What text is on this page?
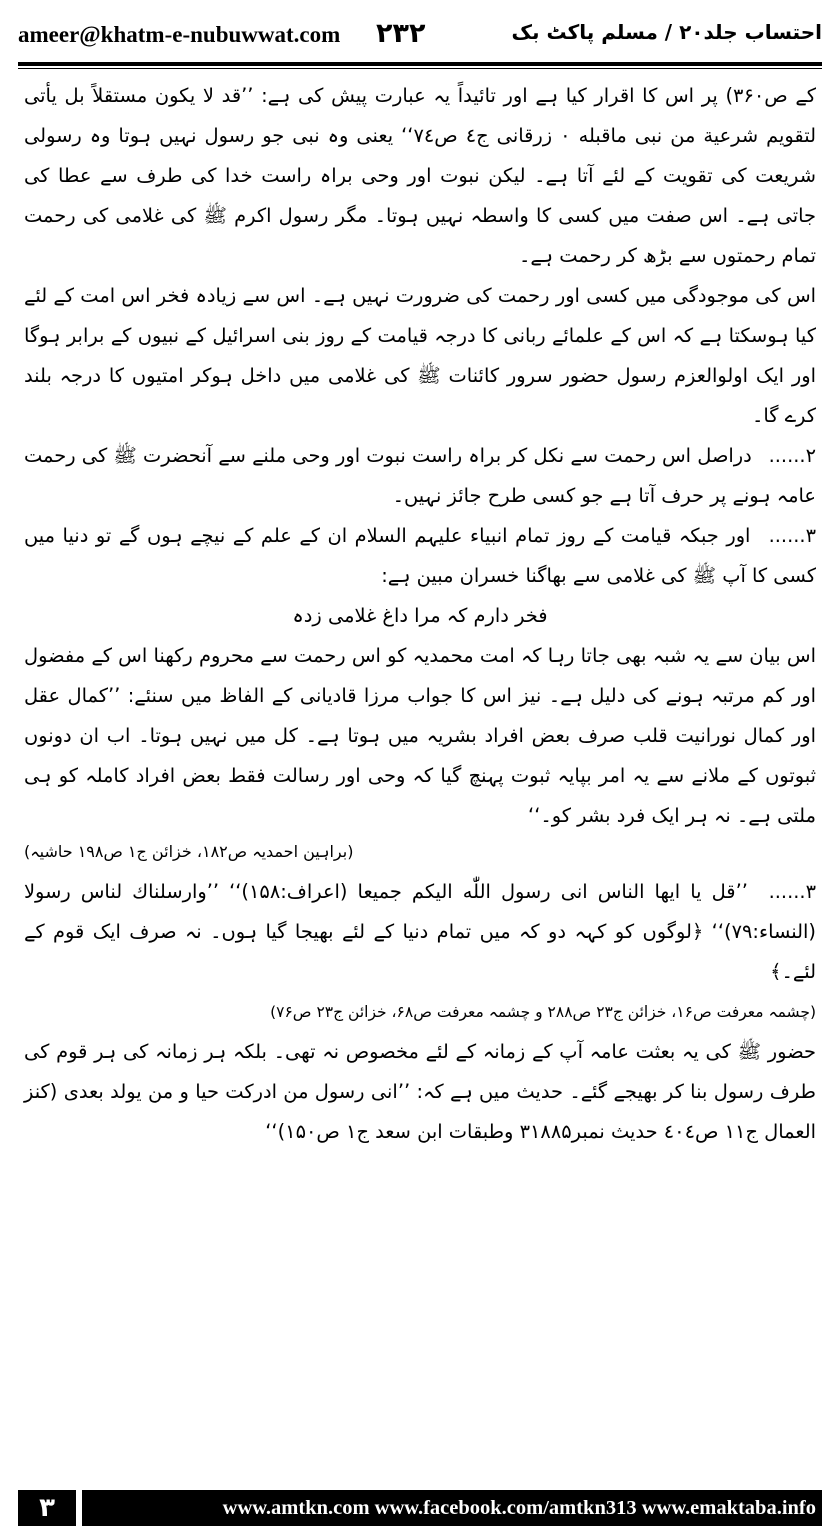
ameer@khatm-e-nubuwwat.com ۲۳۲	احتساب جلد۲۰ / مسلم پاکٹ بک

کے ص۳۶۰) پر اس کا اقرار کیا ہے اور تائیداً یہ عبارت پیش کی ہے: ’’قد لا یکون مستقلاً بل یأتی لتقویم شرعیة من نبی ماقبله ۰ زرقانی ج٤ ص٧٤‘‘ یعنی وہ نبی جو رسول نہیں ہوتا وہ رسولی شریعت کی تقویت کے لئے آتا ہے۔ لیکن نبوت اور وحی براہ راست خدا کی طرف سے عطا کی جاتی ہے۔ اس صفت میں کسی کا واسطہ نہیں ہوتا۔ مگر رسول اکرم ﷺ کی غلامی کی رحمت تمام رحمتوں سے بڑھ کر رحمت ہے۔

اس کی موجودگی میں کسی اور رحمت کی ضرورت نہیں ہے۔ اس سے زیادہ فخر اس امت کے لئے کیا ہوسکتا ہے کہ اس کے علمائے ربانی کا درجہ قیامت کے روز بنی اسرائیل کے نبیوں کے برابر ہوگا اور ایک اولوالعزم رسول حضور سرور کائنات ﷺ کی غلامی میں داخل ہوکر امتیوں کا درجہ بلند کرے گا۔

۲...... دراصل اس رحمت سے نکل کر براہ راست نبوت اور وحی ملنے سے آنحضرت ﷺ کی رحمت عامہ ہونے پر حرف آتا ہے جو کسی طرح جائز نہیں۔

۳...... اور جبکہ قیامت کے روز تمام انبیاء علیہم السلام ان کے علم کے نیچے ہوں گے تو دنیا میں کسی کا آپ ﷺ کی غلامی سے بھاگنا خسران مبین ہے:

فخر دارم کہ مرا داغ غلامی زدہ

اس بیان سے یہ شبہ بھی جاتا رہا کہ امت محمدیہ کو اس رحمت سے محروم رکھنا اس کے مفضول اور کم مرتبہ ہونے کی دلیل ہے۔ نیز اس کا جواب مرزا قادیانی کے الفاظ میں سنئے: ’’کمال عقل اور کمال نورانیت قلب صرف بعض افراد بشریہ میں ہوتا ہے۔ کل میں نہیں ہوتا۔ اب ان دونوں ثبوتوں کے ملانے سے یہ امر بپایہ ثبوت پہنچ گیا کہ وحی اور رسالت فقط بعض افراد کاملہ کو ہی ملتی ہے۔ نہ ہر ایک فرد بشر کو۔‘‘
(براہین احمدیہ ص۱۸۲، خزائن ج۱ ص۱۹۸ حاشیہ)

۳...... ’’قل یا ایها الناس انی رسول اللّٰه الیکم جمیعا (اعراف:۱۵۸)‘‘ ’’وارسلناك لناس رسولا (النساء:۷۹)‘‘ ﴿لوگوں کو کہہ دو کہ میں تمام دنیا کے لئے بھیجا گیا ہوں۔ نہ صرف ایک قوم کے لئے۔﴾

(چشمہ معرفت ص۱۶، خزائن ج۲۳ ص۲۸۸ و چشمہ معرفت ص۶۸، خزائن ج۲۳ ص۷۶)

حضور ﷺ کی یہ بعثت عامہ آپ کے زمانہ کے لئے مخصوص نہ تھی۔ بلکہ ہر زمانہ کی ہر قوم کی طرف رسول بنا کر بھیجے گئے۔ حدیث میں ہے کہ: ’’انی رسول من ادرکت حیا و من یولد بعدی (کنز العمال ج۱۱ ص٤٠٤ حدیث نمبر۳۱۸۸۵ وطبقات ابن سعد ج۱ ص۱۵۰)‘‘

۳	www.amtkn.com www.facebook.com/amtkn313 www.emaktaba.info
